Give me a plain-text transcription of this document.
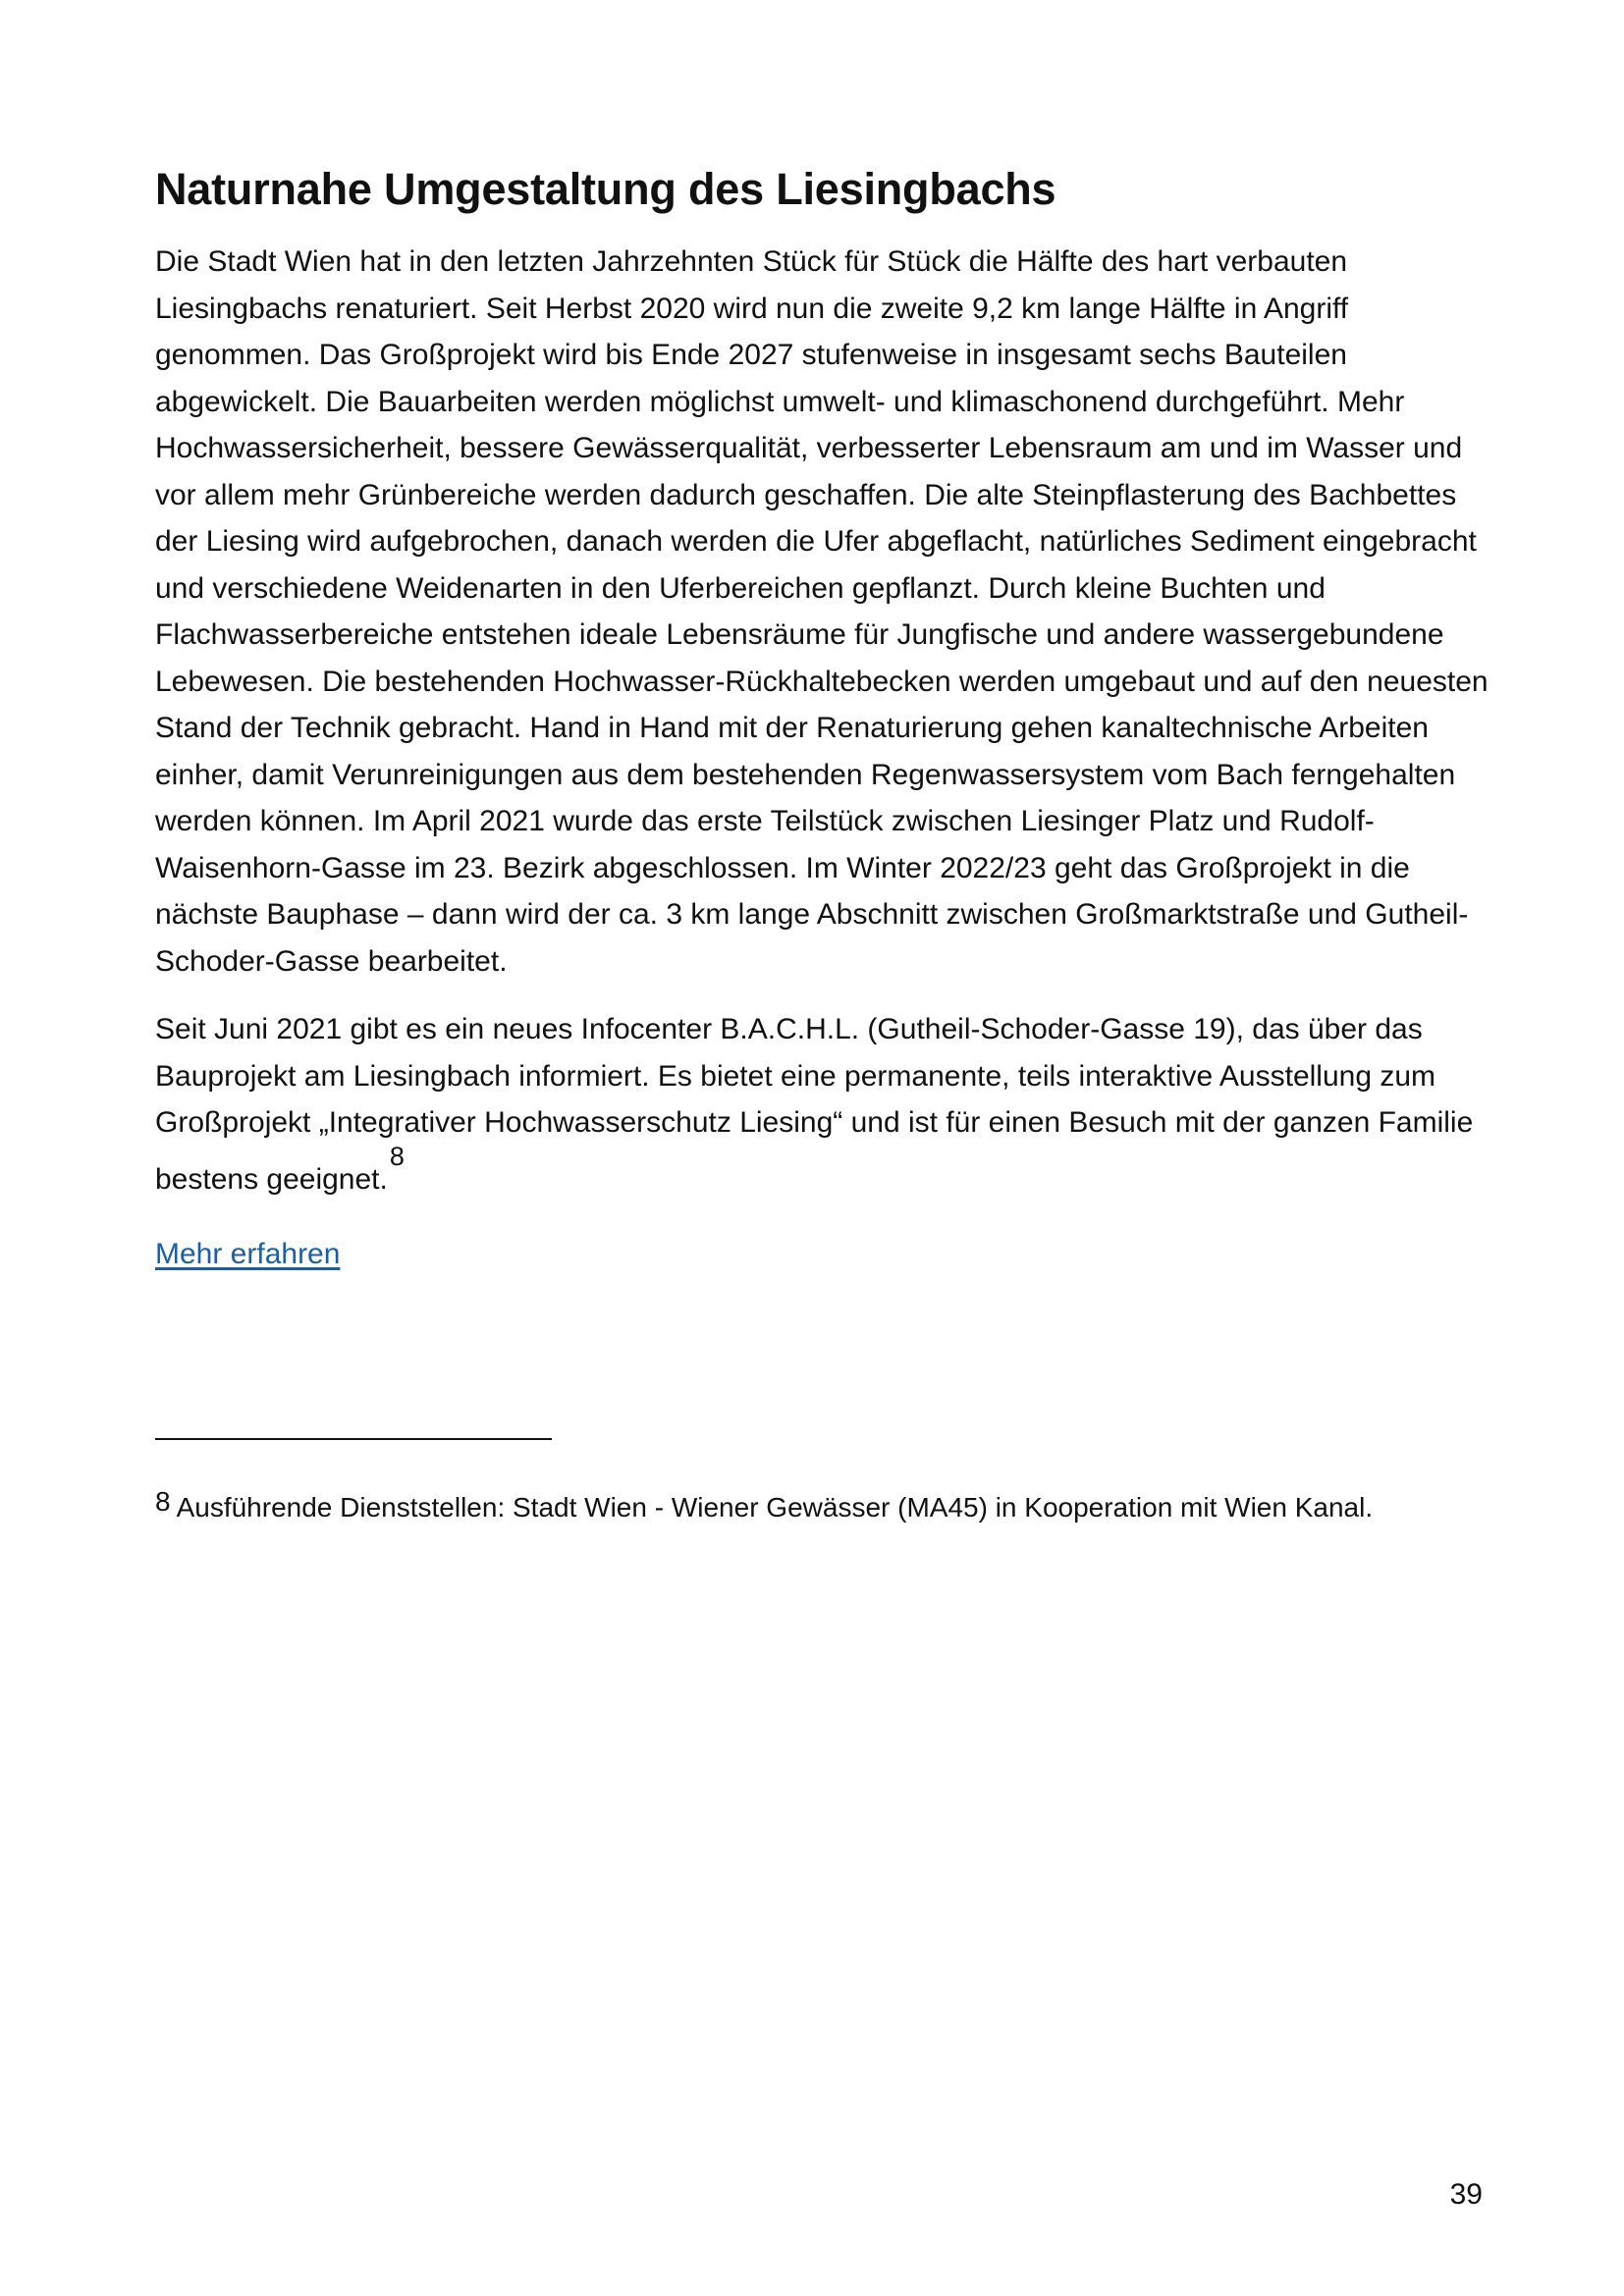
Naturnahe Umgestaltung des Liesingbachs

Die Stadt Wien hat in den letzten Jahrzehnten Stück für Stück die Hälfte des hart verbauten Liesingbachs renaturiert. Seit Herbst 2020 wird nun die zweite 9,2 km lange Hälfte in Angriff genommen. Das Großprojekt wird bis Ende 2027 stufenweise in insgesamt sechs Bauteilen abgewickelt. Die Bauarbeiten werden möglichst umwelt- und klimaschonend durchgeführt. Mehr Hochwassersicherheit, bessere Gewässerqualität, verbesserter Lebensraum am und im Wasser und vor allem mehr Grünbereiche werden dadurch geschaffen. Die alte Steinpflasterung des Bachbettes der Liesing wird aufgebrochen, danach werden die Ufer abgeflacht, natürliches Sediment eingebracht und verschiedene Weidenarten in den Uferbereichen gepflanzt. Durch kleine Buchten und Flachwasserbereiche entstehen ideale Lebensräume für Jungfische und andere wassergebundene Lebewesen. Die bestehenden Hochwasser-Rückhaltebecken werden umgebaut und auf den neuesten Stand der Technik gebracht. Hand in Hand mit der Renaturierung gehen kanaltechnische Arbeiten einher, damit Verunreinigungen aus dem bestehenden Regenwassersystem vom Bach ferngehalten werden können. Im April 2021 wurde das erste Teilstück zwischen Liesinger Platz und Rudolf-Waisenhorn-Gasse im 23. Bezirk abgeschlossen. Im Winter 2022/23 geht das Großprojekt in die nächste Bauphase – dann wird der ca. 3 km lange Abschnitt zwischen Großmarktstraße und Gutheil-Schoder-Gasse bearbeitet.

Seit Juni 2021 gibt es ein neues Infocenter B.A.C.H.L. (Gutheil-Schoder-Gasse 19), das über das Bauprojekt am Liesingbach informiert. Es bietet eine permanente, teils interaktive Ausstellung zum Großprojekt „Integrativer Hochwasserschutz Liesing“ und ist für einen Besuch mit der ganzen Familie bestens geeignet.$^8$

Mehr erfahren

8 Ausführende Dienststellen: Stadt Wien - Wiener Gewässer (MA45) in Kooperation mit Wien Kanal.

39
